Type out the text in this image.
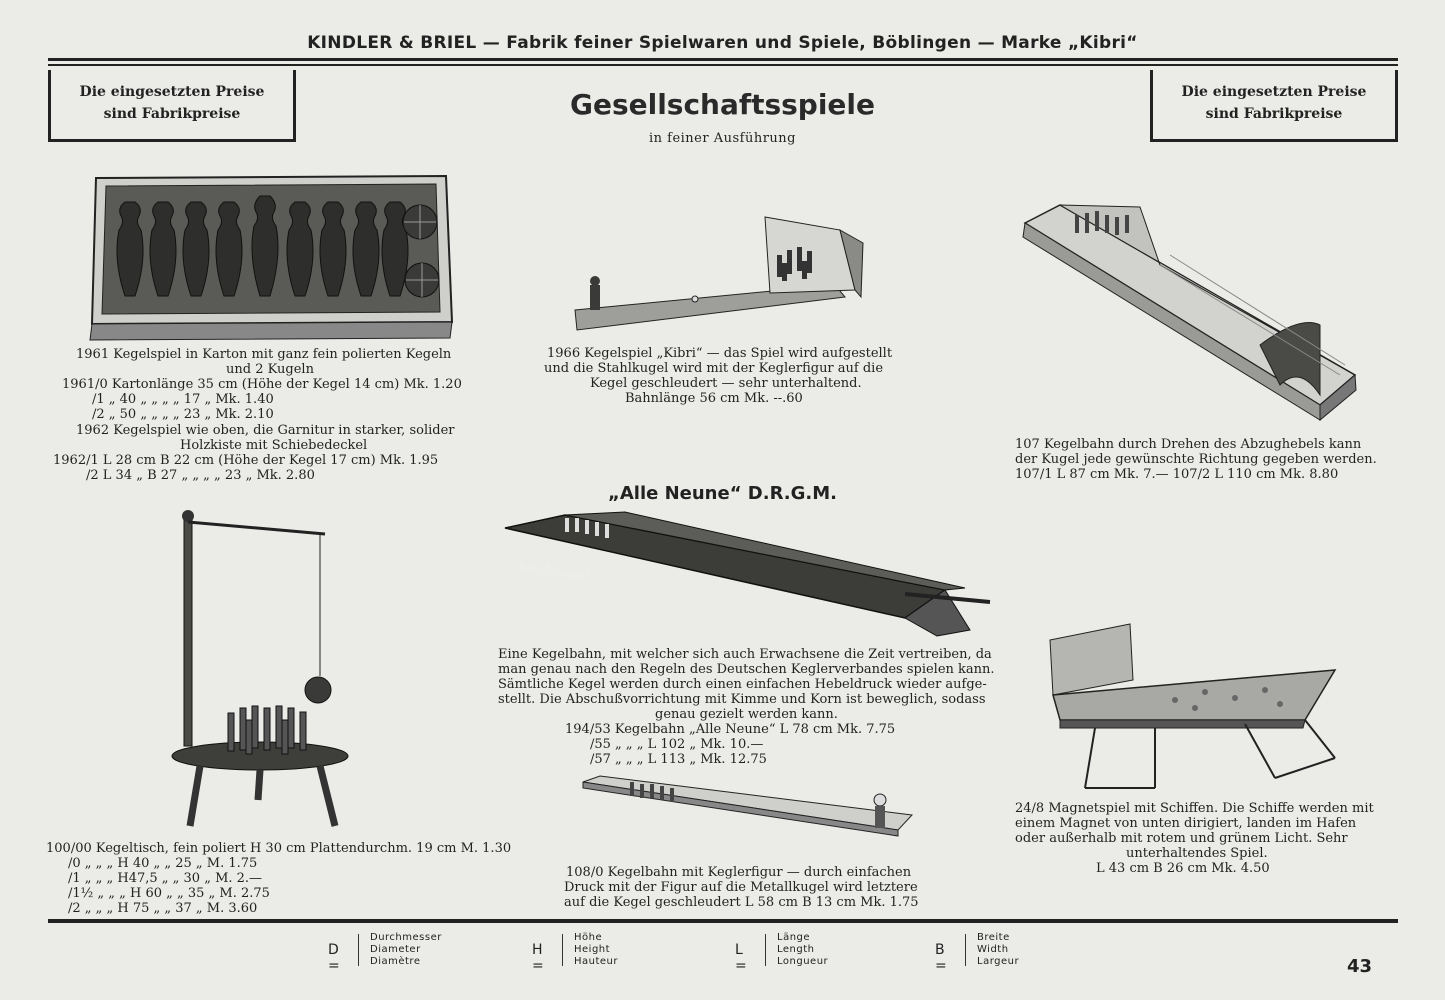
KINDLER & BRIEL — Fabrik feiner Spielwaren und Spiele, Böblingen — Marke „Kibri“
Die eingesetzten Preise
sind Fabrikpreise
Die eingesetzten Preise
sind Fabrikpreise
Gesellschaftsspiele
in feiner Ausführung
1961 Kegelspiel in Karton mit ganz fein polierten Kegeln
und 2 Kugeln
1961/0 Kartonlänge 35 cm (Höhe der Kegel 14 cm) Mk. 1.20
/1 „ 40 „ „ „ „ 17 „ Mk. 1.40
/2 „ 50 „ „ „ „ 23 „ Mk. 2.10
1962 Kegelspiel wie oben, die Garnitur in starker, solider
Holzkiste mit Schiebedeckel
1962/1 L 28 cm B 22 cm (Höhe der Kegel 17 cm) Mk. 1.95
/2 L 34 „ B 27 „ „ „ „ 23 „ Mk. 2.80
1966 Kegelspiel „Kibri“ — das Spiel wird aufgestellt
und die Stahlkugel wird mit der Keglerfigur auf die
Kegel geschleudert — sehr unterhaltend.
Bahnlänge 56 cm Mk. --.60
107 Kegelbahn durch Drehen des Abzughebels kann
der Kugel jede gewünschte Richtung gegeben werden.
107/1 L 87 cm Mk. 7.— 107/2 L 110 cm Mk. 8.80
„Alle Neune“ D.R.G.M.
Alle Neune!
Eine Kegelbahn, mit welcher sich auch Erwachsene die Zeit vertreiben, da
man genau nach den Regeln des Deutschen Keglerverbandes spielen kann.
Sämtliche Kegel werden durch einen einfachen Hebeldruck wieder aufge-
stellt. Die Abschußvorrichtung mit Kimme und Korn ist beweglich, sodass
genau gezielt werden kann.
194/53 Kegelbahn „Alle Neune“ L 78 cm Mk. 7.75
/55 „ „ „ L 102 „ Mk. 10.—
/57 „ „ „ L 113 „ Mk. 12.75
100/00 Kegeltisch, fein poliert H 30 cm Plattendurchm. 19 cm M. 1.30
/0 „ „ „ H 40 „ „ 25 „ M. 1.75
/1 „ „ „ H47,5 „ „ 30 „ M. 2.—
/1½ „ „ „ H 60 „ „ 35 „ M. 2.75
/2 „ „ „ H 75 „ „ 37 „ M. 3.60
108/0 Kegelbahn mit Keglerfigur — durch einfachen
Druck mit der Figur auf die Metallkugel wird letztere
auf die Kegel geschleudert L 58 cm B 13 cm Mk. 1.75
24/8 Magnetspiel mit Schiffen. Die Schiffe werden mit
einem Magnet von unten dirigiert, landen im Hafen
oder außerhalb mit rotem und grünem Licht. Sehr
unterhaltendes Spiel.
L 43 cm B 26 cm Mk. 4.50
D =
Durchmesser
Diameter
Diamètre
H =
Höhe
Height
Hauteur
L =
Länge
Length
Longueur
B =
Breite
Width
Largeur	43
